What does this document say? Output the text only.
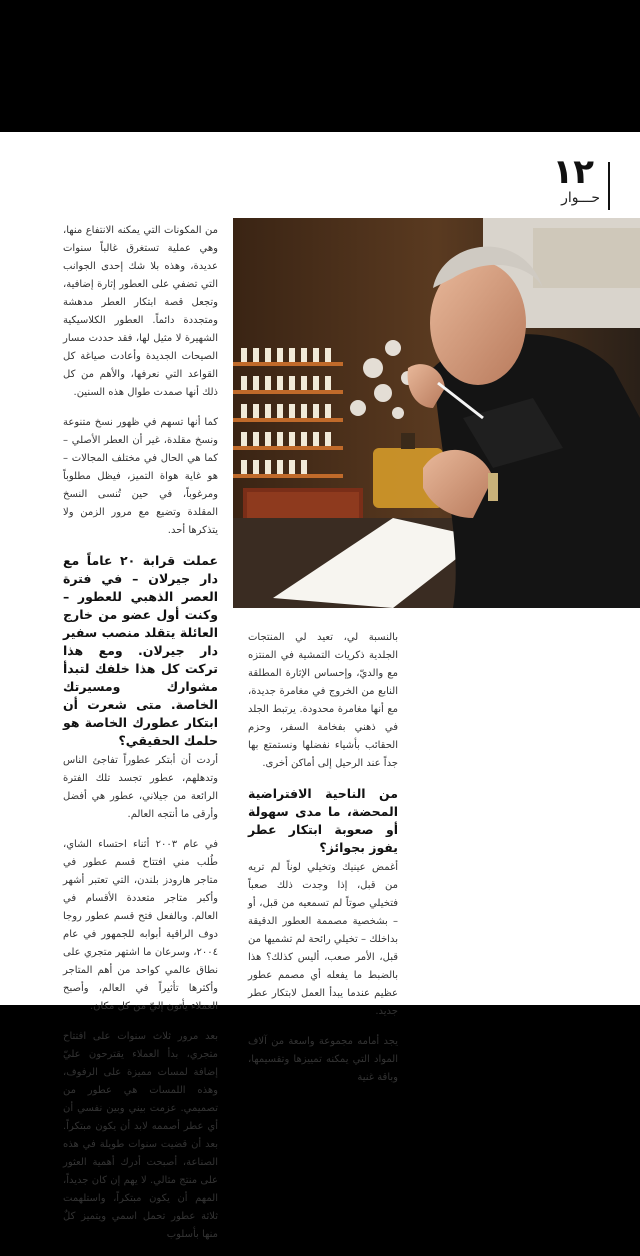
١٢
حـــوار

من المكونات التي يمكنه الانتفاع منها، وهي عملية تستغرق غالباً سنوات عديدة، وهذه بلا شك إحدى الجوانب التي تضفي على العطور إثارة إضافية، وتجعل قصة ابتكار العطر مدهشة ومتجددة دائماً. العطور الكلاسيكية الشهيرة لا مثيل لها، فقد حددت مسار الصيحات الجديدة وأعادت صياغة كل القواعد التي نعرفها، والأهم من كل ذلك أنها صمدت طوال هذه السنين.

كما أنها تسهم في ظهور نسخ متنوعة ونسخ مقلدة، غير أن العطر الأصلي – كما هي الحال في مختلف المجالات – هو غاية هواة التميز، فيظل مطلوباً ومرغوباً، في حين تُنسى النسخ المقلدة وتضيع مع مرور الزمن ولا يتذكرها أحد.

عملت قرابة ٢٠ عاماً مع دار جيرلان – في فترة العصر الذهبي للعطور – وكنت أول عضو من خارج العائلة يتقلد منصب سفير دار جيرلان. ومع هذا تركت كل هذا خلفك لتبدأ مشوارك ومسيرتك الخاصة. متى شعرت أن ابتكار عطورك الخاصة هو حلمك الحقيقي؟

أردت أن أبتكر عطوراً تفاجئ الناس وتدهلهم، عطور تجسد تلك الفترة الرائعة من جيلاني، عطور هي أفضل وأرقى ما أنتجه العالم.

في عام ٢٠٠٣ أثناء احتساء الشاي، طُلب مني افتتاح قسم عطور في متاجر هارودز بلندن، التي تعتبر أشهر وأكبر متاجر متعددة الأقسام في العالم. وبالفعل فتح قسم عطور روجا دوف الراقية أبوابه للجمهور في عام ٢٠٠٤، وسرعان ما اشتهر متجري على نطاق عالمي كواحد من أهم المتاجر وأكثرها تأثيراً في العالم، وأصبح العملاء يأتون إليّ من كل مكان.

بعد مرور ثلاث سنوات على افتتاح متجري، بدأ العملاء يقترحون عليّ إضافة لمسات مميزة على الرفوف، وهذه اللمسات هي عطور من تصميمي. عزمت بيني وبين نفسي أن أي عطر أصممه لابد أن يكون مبتكراً. بعد أن قضيت سنوات طويلة في هذه الصناعة، أصبحت أدرك أهمية العثور على منتج مثالي. لا يهم إن كان جديداً، المهم أن يكون مبتكراً، واستلهمت ثلاثة عطور تحمل اسمي ويتميز كلٌ منها بأسلوب

بالنسبة لي، تعيد لي المنتجات الجلدية ذكريات التمشية في المنتزه مع والديّ، وإحساس الإثارة المطلقة النابع من الخروج في مغامرة جديدة، مع أنها مغامرة محدودة. يرتبط الجلد في ذهني بفخامة السفر، وحزم الحقائب بأشياء نفضلها ونستمتع بها جداً عند الرحيل إلى أماكن أخرى.

من الناحية الافتراضية المحضة، ما مدى سهولة أو صعوبة ابتكار عطر يفوز بجوائز؟

أغمض عينيك وتخيلي لوناً لم تريه من قبل، إذا وجدت ذلك صعباً فتخيلي صوتاً لم تسمعيه من قبل، أو – بشخصية مصممة العطور الدقيقة بداخلك – تخيلي رائحة لم تشميها من قبل، الأمر صعب، أليس كذلك؟ هذا بالضبط ما يفعله أي مصمم عطور عظيم عندما يبدأ العمل لابتكار عطر جديد.

يجد أمامه مجموعة واسعة من آلاف المواد التي يمكنه تمييزها وتقسيمها، وباقة غنية
